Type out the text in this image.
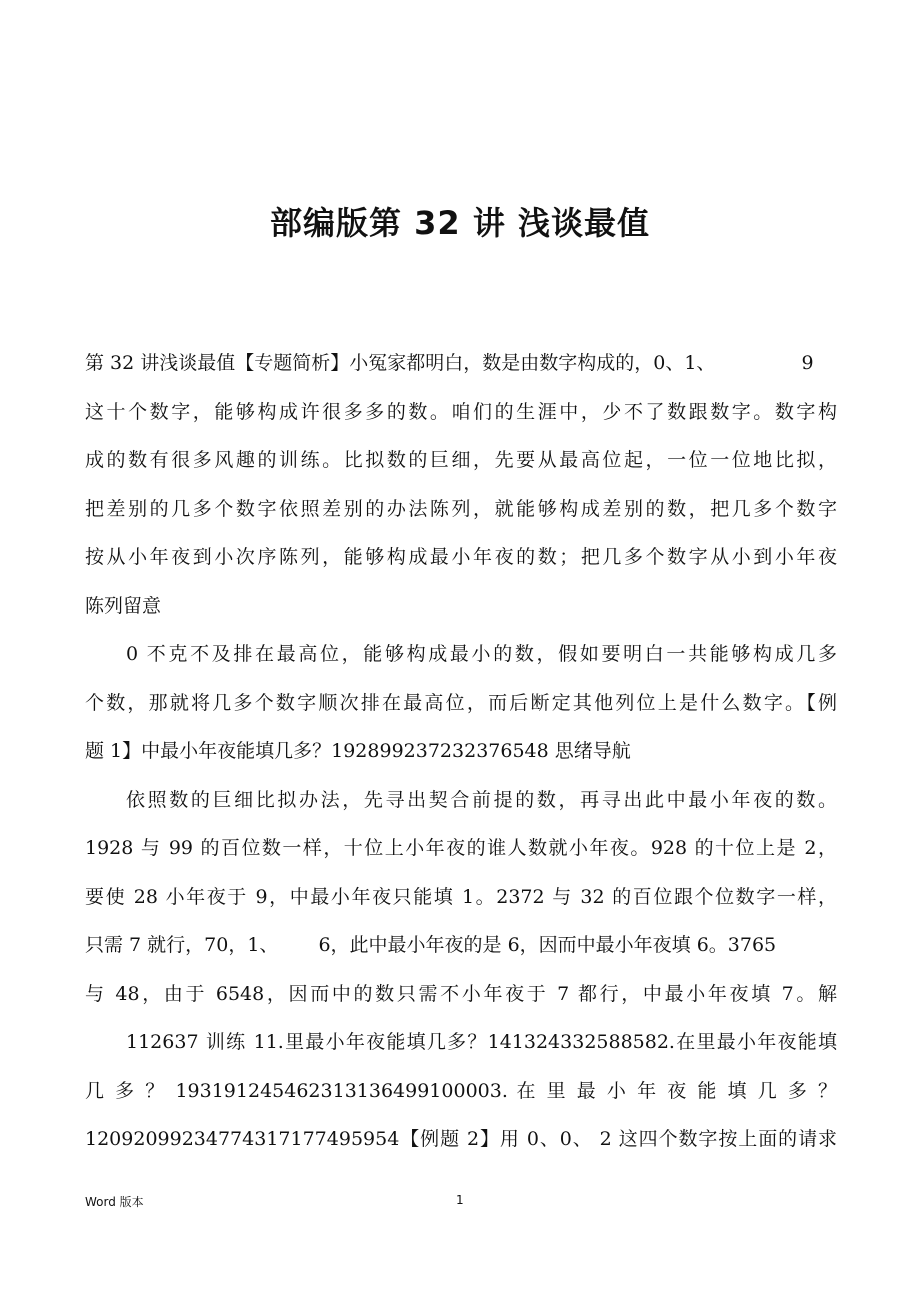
部编版第 32 讲 浅谈最值
第 32 讲浅谈最值【专题简析】小冤家都明白，数是由数字构成的，0、1、	9
这十个数字，能够构成许很多多的数。咱们的生涯中，少不了数跟数字。数字构
成的数有很多风趣的训练。比拟数的巨细，先要从最高位起，一位一位地比拟，
把差别的几多个数字依照差别的办法陈列，就能够构成差别的数，把几多个数字
按从小年夜到小次序陈列，能够构成最小年夜的数；把几多个数字从小到小年夜
陈列留意
0 不克不及排在最高位，能够构成最小的数，假如要明白一共能够构成几多
个数，那就将几多个数字顺次排在最高位，而后断定其他列位上是什么数字。【例
题 1】中最小年夜能填几多？192899237232376548 思绪导航
依照数的巨细比拟办法，先寻出契合前提的数，再寻出此中最小年夜的数。
1928 与 99 的百位数一样，十位上小年夜的谁人数就小年夜。928 的十位上是 2，
要使 28 小年夜于 9，中最小年夜只能填 1。2372 与 32 的百位跟个位数字一样，
只需 7 就行，70，1、 6，此中最小年夜的是 6，因而中最小年夜填 6。3765
与 48，由于 6548，因而中的数只需不小年夜于 7 都行，中最小年夜填 7。解
112637 训练 11.里最小年夜能填几多？141324332588582.在里最小年夜能填
几 多 ？ 193191245462313136499100003. 在 里 最 小 年 夜 能 填 几 多 ？
120920992347743171774959​54【例题 2】用 0、0、 2 这四个数字按上面的请求
Word 版本	1
